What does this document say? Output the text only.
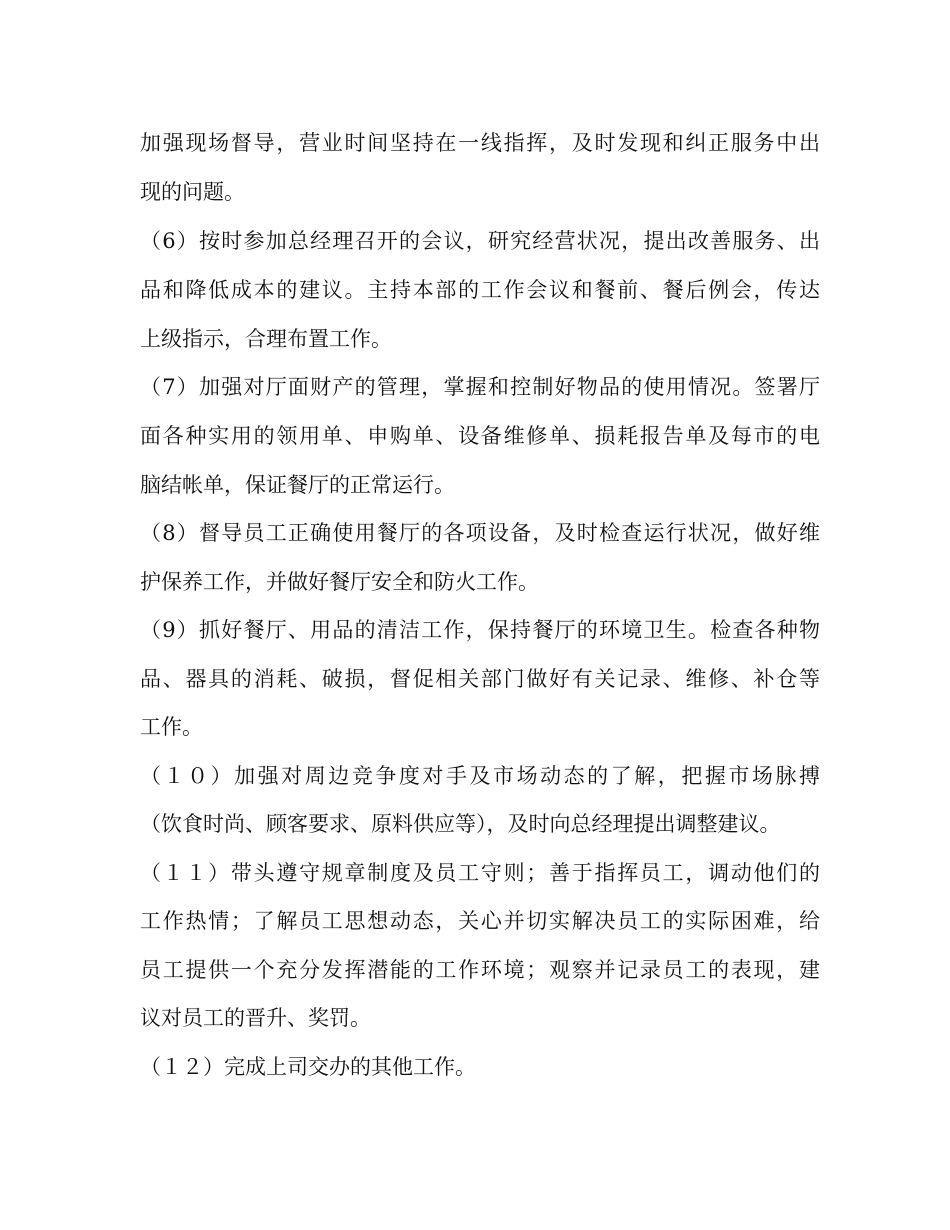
加强现场督导，营业时间坚持在一线指挥，及时发现和纠正服务中出
现的问题。
（6）按时参加总经理召开的会议，研究经营状况，提出改善服务、出
品和降低成本的建议。主持本部的工作会议和餐前、餐后例会，传达
上级指示，合理布置工作。
（7）加强对厅面财产的管理，掌握和控制好物品的使用情况。签署厅
面各种实用的领用单、申购单、设备维修单、损耗报告单及每市的电
脑结帐单，保证餐厅的正常运行。
（8）督导员工正确使用餐厅的各项设备，及时检查运行状况，做好维
护保养工作，并做好餐厅安全和防火工作。
（9）抓好餐厅、用品的清洁工作，保持餐厅的环境卫生。检查各种物
品、器具的消耗、破损，督促相关部门做好有关记录、维修、补仓等
工作。
（１０）加强对周边竞争度对手及市场动态的了解，把握市场脉搏
（饮食时尚、顾客要求、原料供应等），及时向总经理提出调整建议。
（１１）带头遵守规章制度及员工守则；善于指挥员工，调动他们的
工作热情；了解员工思想动态，关心并切实解决员工的实际困难，给
员工提供一个充分发挥潜能的工作环境；观察并记录员工的表现，建
议对员工的晋升、奖罚。
（１２）完成上司交办的其他工作。
